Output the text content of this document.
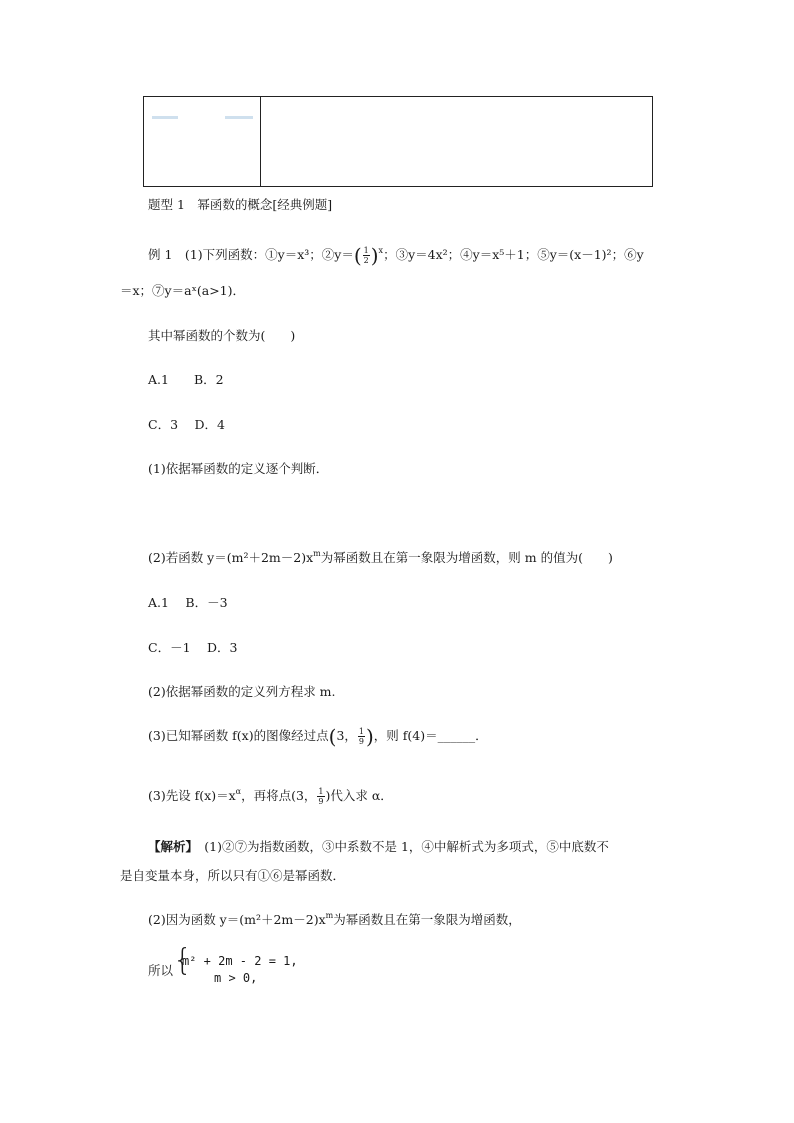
题型 1　幂函数的概念[经典例题]
例 1　(1)下列函数：①y＝x³；②y＝( $\frac{1}{2} )^x$；③y＝4x²；④y＝x⁵＋1；⑤y＝(x－1)²；⑥y
＝x；⑦y＝aˣ(a>1)．
其中幂函数的个数为(　　)
A.1　　B．2
C．3　 D．4
(1)依据幂函数的定义逐个判断．
(2)若函数 $y=(m^2+2m-2)x^m$为幂函数且在第一象限为增函数，则 m 的值为(　　)
A.1　 B．－3
C．－1　 D．3
(2)依据幂函数的定义列方程求 m.
(3)已知幂函数 f(x)的图像经过点(3， $\frac{1}{9}$ )，则 f(4)＝______．
(3)先设 $f(x)=x^\alpha$，再将点(3， $\frac{1}{9}$ )代入求 α．
【解析】　(1)②⑦为指数函数，③中系数不是 1，④中解析式为多项式，⑤中底数不
是自变量本身，所以只有①⑥是幂函数．
(2)因为函数 $y=(m^2+2m-2)x^m$为幂函数且在第一象限为增函数，
所以 {
m² + 2m - 2 = 1,
m > 0,
